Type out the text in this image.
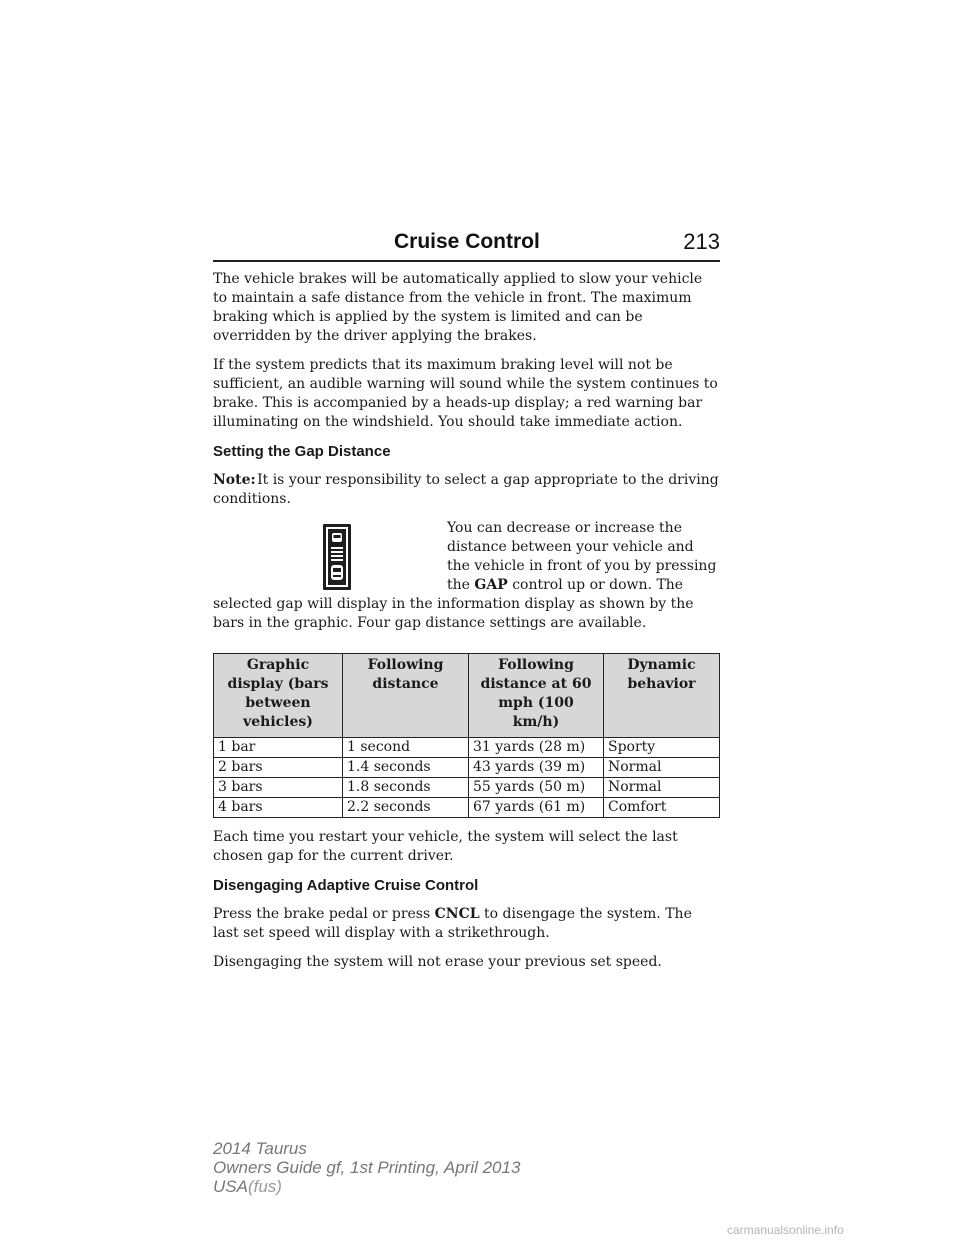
Cruise Control	213

The vehicle brakes will be automatically applied to slow your vehicle to maintain a safe distance from the vehicle in front. The maximum braking which is applied by the system is limited and can be overridden by the driver applying the brakes.

If the system predicts that its maximum braking level will not be sufficient, an audible warning will sound while the system continues to brake. This is accompanied by a heads-up display; a red warning bar illuminating on the windshield. You should take immediate action.

Setting the Gap Distance

Note: It is your responsibility to select a gap appropriate to the driving conditions.

You can decrease or increase the distance between your vehicle and the vehicle in front of you by pressing the GAP control up or down. The selected gap will display in the information display as shown by the bars in the graphic. Four gap distance settings are available.

Graphic display (bars between vehicles)	Following distance	Following distance at 60 mph (100 km/h)	Dynamic behavior
1 bar	1 second	31 yards (28 m)	Sporty
2 bars	1.4 seconds	43 yards (39 m)	Normal
3 bars	1.8 seconds	55 yards (50 m)	Normal
4 bars	2.2 seconds	67 yards (61 m)	Comfort

Each time you restart your vehicle, the system will select the last chosen gap for the current driver.

Disengaging Adaptive Cruise Control

Press the brake pedal or press CNCL to disengage the system. The last set speed will display with a strikethrough.

Disengaging the system will not erase your previous set speed.

2014 Taurus
Owners Guide gf, 1st Printing, April 2013
USA(fus)
carmanualsonline.info
